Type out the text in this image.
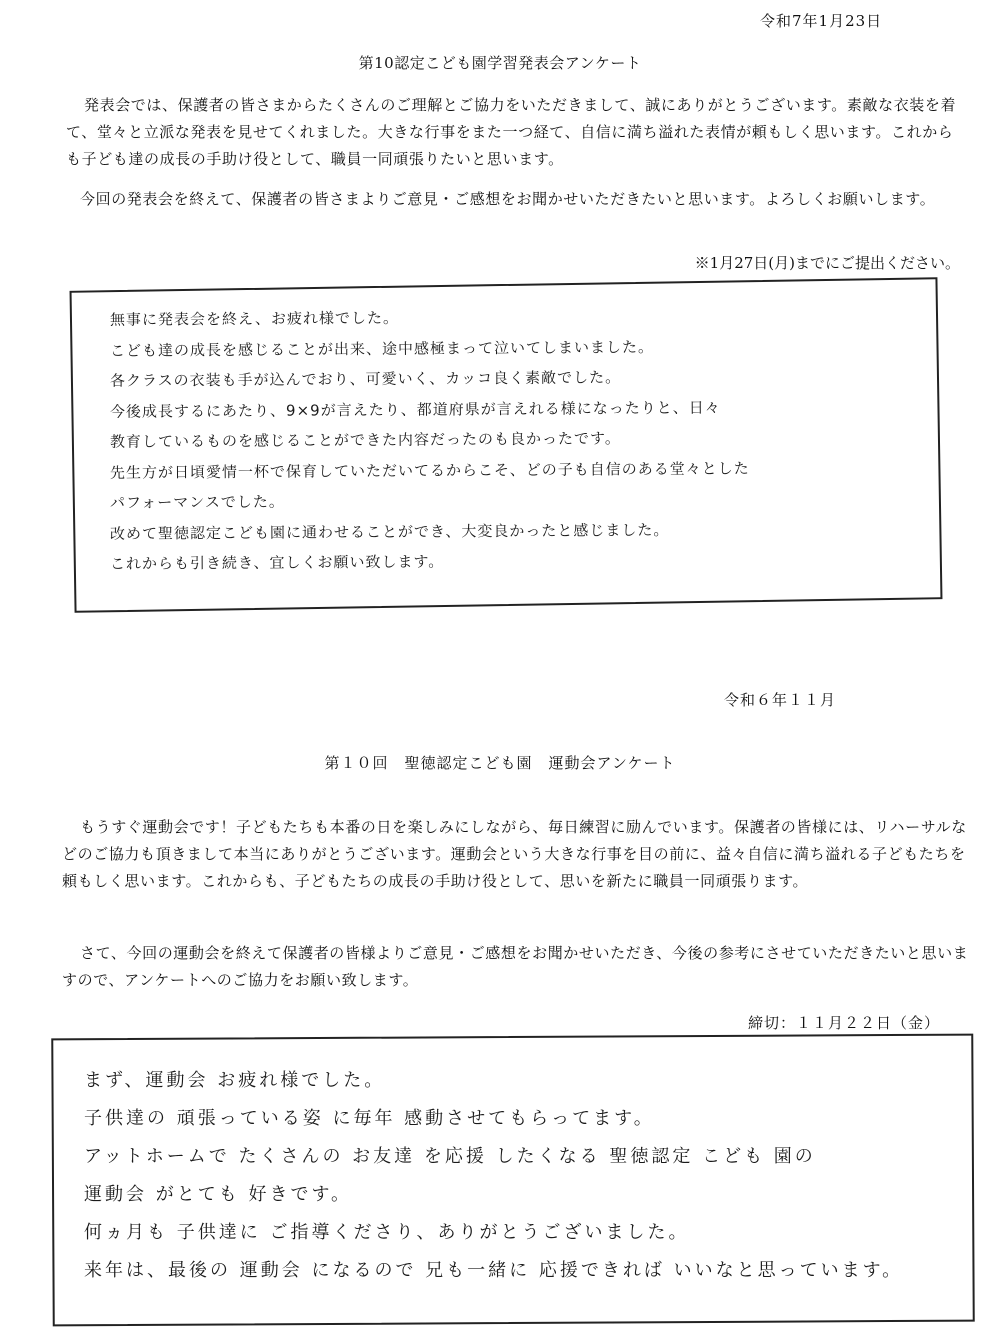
令和7年1月23日
第10認定こども園学習発表会アンケート
発表会では、保護者の皆さまからたくさんのご理解とご協力をいただきまして、誠にありがとうございます。素敵な衣装を着て、堂々と立派な発表を見せてくれました。大きな行事をまた一つ経て、自信に満ち溢れた表情が頼もしく思います。これからも子ども達の成長の手助け役として、職員一同頑張りたいと思います。
今回の発表会を終えて、保護者の皆さまよりご意見・ご感想をお聞かせいただきたいと思います。よろしくお願いします。
※1月27日(月)までにご提出ください。
無事に発表会を終え、お疲れ様でした。
こども達の成長を感じることが出来、途中感極まって泣いてしまいました。
各クラスの衣装も手が込んでおり、可愛いく、カッコ良く素敵でした。
今後成長するにあたり、9×9が言えたり、都道府県が言えれる様になったりと、日々
教育しているものを感じることができた内容だったのも良かったです。
先生方が日頃愛情一杯で保育していただいてるからこそ、どの子も自信のある堂々とした
パフォーマンスでした。
改めて聖徳認定こども園に通わせることができ、大変良かったと感じました。
これからも引き続き、宜しくお願い致します。
令和６年１１月
第１０回　聖徳認定こども園　運動会アンケート
もうすぐ運動会です！子どもたちも本番の日を楽しみにしながら、毎日練習に励んでいます。保護者の皆様には、リハーサルなどのご協力も頂きまして本当にありがとうございます。運動会という大きな行事を目の前に、益々自信に満ち溢れる子どもたちを頼もしく思います。これからも、子どもたちの成長の手助け役として、思いを新たに職員一同頑張ります。
さて、今回の運動会を終えて保護者の皆様よりご意見・ご感想をお聞かせいただき、今後の参考にさせていただきたいと思いますので、アンケートへのご協力をお願い致します。
締切：１１月２２日（金）
まず、運動会 お疲れ様でした。
子供達の 頑張っている姿 に毎年 感動させてもらってます。
アットホームで たくさんの お友達 を応援 したくなる 聖徳認定 こども 園の
運動会 がとても 好きです。
何ヵ月も 子供達に ご指導くださり、ありがとうございました。
来年は、最後の 運動会 になるので 兄も一緒に 応援できれば いいなと思っています。
